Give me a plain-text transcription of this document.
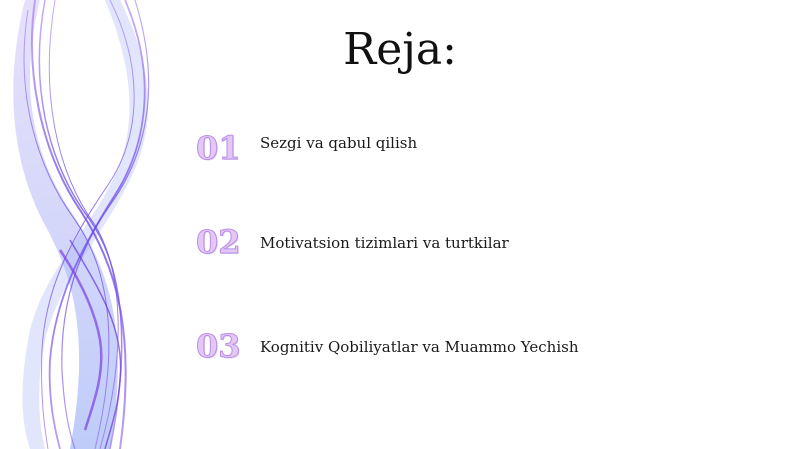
Reja:
01	Sezgi va qabul qilish
02	Motivatsion tizimlari va turtkilar
03	Kognitiv Qobiliyatlar va Muammo Yechish
